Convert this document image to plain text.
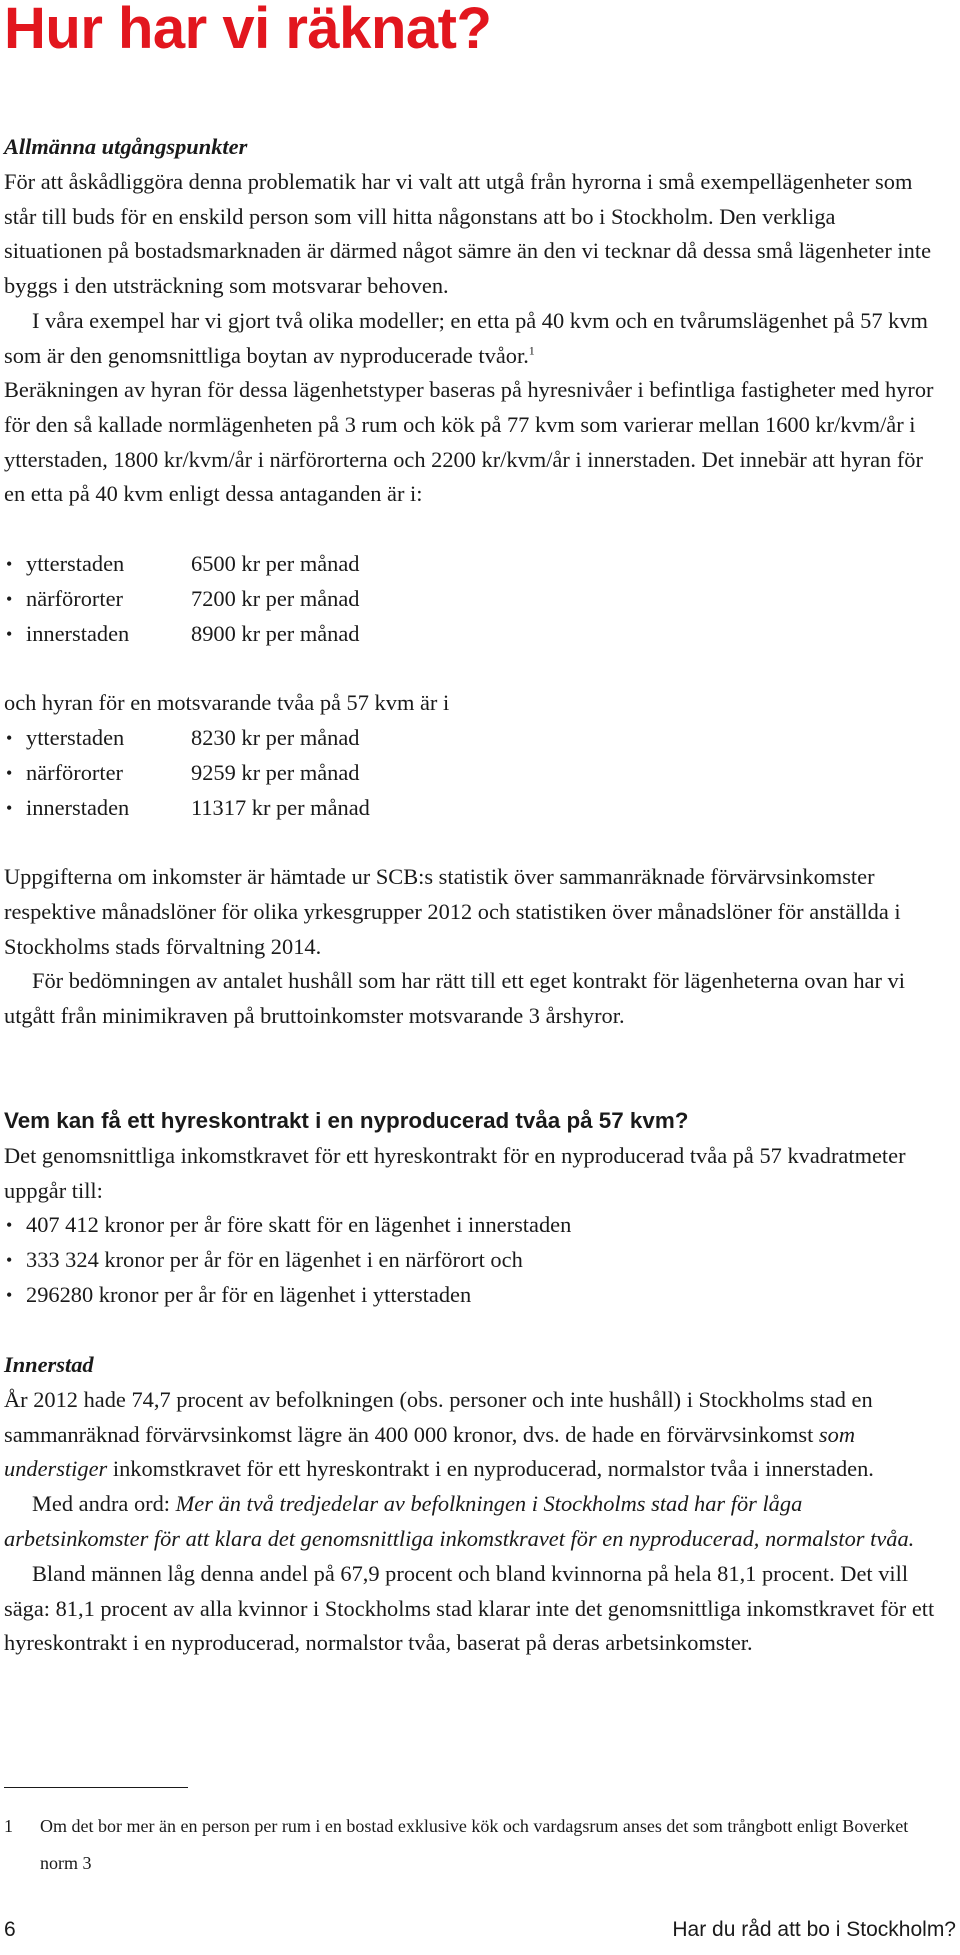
Hur har vi räknat?
Allmänna utgångspunkter
För att åskådliggöra denna problematik har vi valt att utgå från hyrorna i små exempellägenheter som står till buds för en enskild person som vill hitta någonstans att bo i Stockholm. Den verkliga situationen på bostadsmarknaden är därmed något sämre än den vi tecknar då dessa små lägenheter inte byggs i den utsträckning som motsvarar behoven.
I våra exempel har vi gjort två olika modeller; en etta på 40 kvm och en tvårumslägenhet på 57 kvm som är den genomsnittliga boytan av nyproducerade tvåor.$^1$
Beräkningen av hyran för dessa lägenhetstyper baseras på hyresnivåer i befintliga fastigheter med hyror för den så kallade normlägenheten på 3 rum och kök på 77 kvm som varierar mellan 1600 kr/kvm/år i ytterstaden, 1800 kr/kvm/år i närförorterna och 2200 kr/kvm/år i innerstaden. Det innebär att hyran för en etta på 40 kvm enligt dessa antaganden är i:
• ytterstaden	6500 kr per månad
• närförorter	7200 kr per månad
• innerstaden	8900 kr per månad
och hyran för en motsvarande tvåa på 57 kvm är i
• ytterstaden	8230 kr per månad
• närförorter	9259 kr per månad
• innerstaden	11317 kr per månad
Uppgifterna om inkomster är hämtade ur SCB:s statistik över sammanräknade förvärvsinkomster respektive månadslöner för olika yrkesgrupper 2012 och statistiken över månadslöner för anställda i Stockholms stads förvaltning 2014.
För bedömningen av antalet hushåll som har rätt till ett eget kontrakt för lägenheterna ovan har vi utgått från minimikraven på bruttoinkomster motsvarande 3 årshyror.
Vem kan få ett hyreskontrakt i en nyproducerad tvåa på 57 kvm?
Det genomsnittliga inkomstkravet för ett hyreskontrakt för en nyproducerad tvåa på 57 kvadratmeter uppgår till:
• 407 412 kronor per år före skatt för en lägenhet i innerstaden
• 333 324 kronor per år för en lägenhet i en närförort och
• 296280 kronor per år för en lägenhet i ytterstaden
Innerstad
År 2012 hade 74,7 procent av befolkningen (obs. personer och inte hushåll) i Stockholms stad en sammanräknad förvärvsinkomst lägre än 400 000 kronor, dvs. de hade en förvärvsinkomst som understiger inkomstkravet för ett hyreskontrakt i en nyproducerad, normalstor tvåa i innerstaden.
Med andra ord: Mer än två tredjedelar av befolkningen i Stockholms stad har för låga arbetsinkomster för att klara det genomsnittliga inkomstkravet för en nyproducerad, normalstor tvåa.
Bland männen låg denna andel på 67,9 procent och bland kvinnorna på hela 81,1 procent. Det vill säga: 81,1 procent av alla kvinnor i Stockholms stad klarar inte det genomsnittliga inkomstkravet för ett hyreskontrakt i en nyproducerad, normalstor tvåa, baserat på deras arbetsinkomster.
1 Om det bor mer än en person per rum i en bostad exklusive kök och vardagsrum anses det som trångbott enligt Boverket norm 3
6	Har du råd att bo i Stockholm?
